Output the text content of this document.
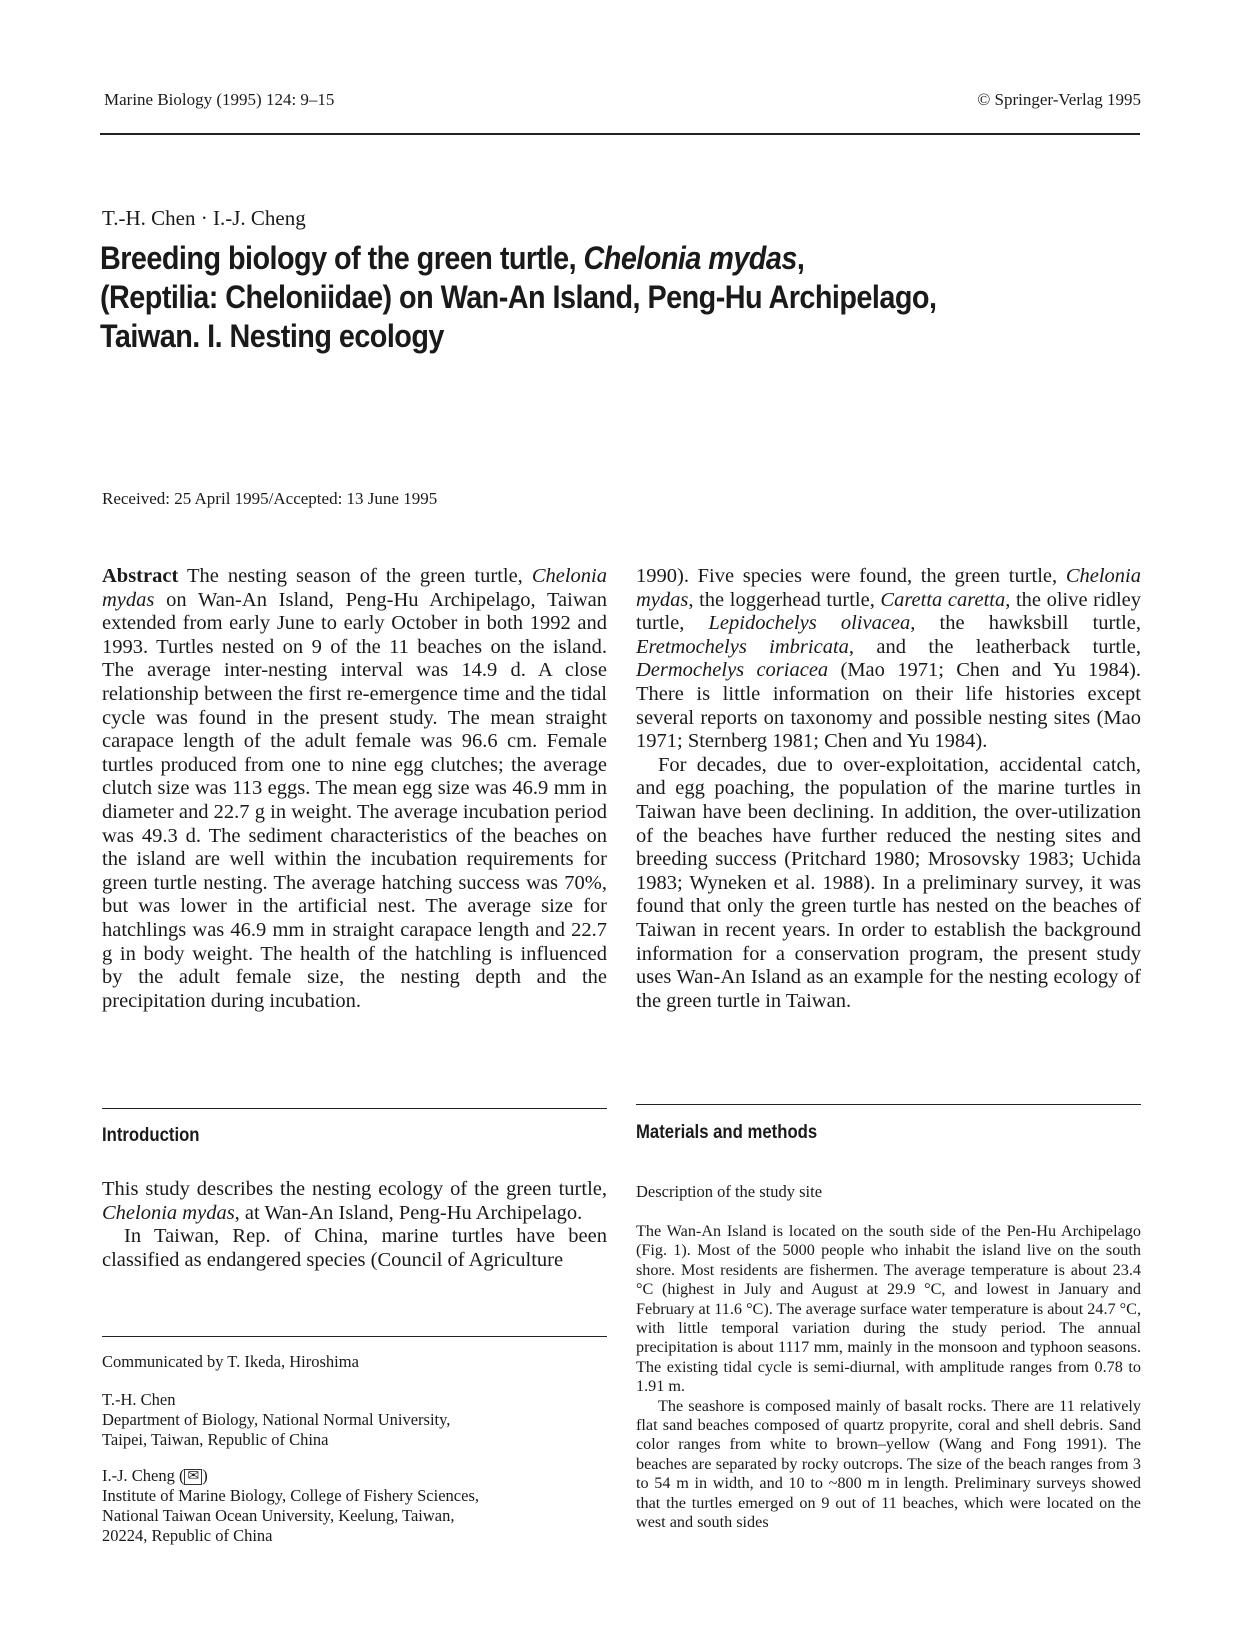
Marine Biology (1995) 124: 9–15	© Springer-Verlag 1995
T.-H. Chen · I.-J. Cheng
Breeding biology of the green turtle, Chelonia mydas,
(Reptilia: Cheloniidae) on Wan-An Island, Peng-Hu Archipelago,
Taiwan. I. Nesting ecology
Received: 25 April 1995/Accepted: 13 June 1995

Abstract The nesting season of the green turtle, Chelonia mydas on Wan-An Island, Peng-Hu Archipelago, Taiwan extended from early June to early October in both 1992 and 1993. Turtles nested on 9 of the 11 beaches on the island. The average inter-nesting interval was 14.9 d. A close relationship between the first re-emergence time and the tidal cycle was found in the present study. The mean straight carapace length of the adult female was 96.6 cm. Female turtles produced from one to nine egg clutches; the average clutch size was 113 eggs. The mean egg size was 46.9 mm in diameter and 22.7 g in weight. The average incubation period was 49.3 d. The sediment characteristics of the beaches on the island are well within the incubation requirements for green turtle nesting. The average hatching success was 70%, but was lower in the artificial nest. The average size for hatchlings was 46.9 mm in straight carapace length and 22.7 g in body weight. The health of the hatchling is influenced by the adult female size, the nesting depth and the precipitation during incubation.

1990). Five species were found, the green turtle, Chelonia mydas, the loggerhead turtle, Caretta caretta, the olive ridley turtle, Lepidochelys olivacea, the hawksbill turtle, Eretmochelys imbricata, and the leatherback turtle, Dermochelys coriacea (Mao 1971; Chen and Yu 1984). There is little information on their life histories except several reports on taxonomy and possible nesting sites (Mao 1971; Sternberg 1981; Chen and Yu 1984).

For decades, due to over-exploitation, accidental catch, and egg poaching, the population of the marine turtles in Taiwan have been declining. In addition, the over-utilization of the beaches have further reduced the nesting sites and breeding success (Pritchard 1980; Mrosovsky 1983; Uchida 1983; Wyneken et al. 1988). In a preliminary survey, it was found that only the green turtle has nested on the beaches of Taiwan in recent years. In order to establish the background information for a conservation program, the present study uses Wan-An Island as an example for the nesting ecology of the green turtle in Taiwan.

Introduction

This study describes the nesting ecology of the green turtle, Chelonia mydas, at Wan-An Island, Peng-Hu Archipelago.

In Taiwan, Rep. of China, marine turtles have been classified as endangered species (Council of Agriculture

Materials and methods
Description of the study site

The Wan-An Island is located on the south side of the Pen-Hu Archipelago (Fig. 1). Most of the 5000 people who inhabit the island live on the south shore. Most residents are fishermen. The average temperature is about 23.4 °C (highest in July and August at 29.9 °C, and lowest in January and February at 11.6 °C). The average surface water temperature is about 24.7 °C, with little temporal variation during the study period. The annual precipitation is about 1117 mm, mainly in the monsoon and typhoon seasons. The existing tidal cycle is semi-diurnal, with amplitude ranges from 0.78 to 1.91 m.

The seashore is composed mainly of basalt rocks. There are 11 relatively flat sand beaches composed of quartz propyrite, coral and shell debris. Sand color ranges from white to brown–yellow (Wang and Fong 1991). The beaches are separated by rocky outcrops. The size of the beach ranges from 3 to 54 m in width, and 10 to ~800 m in length. Preliminary surveys showed that the turtles emerged on 9 out of 11 beaches, which were located on the west and south sides

Communicated by T. Ikeda, Hiroshima

T.-H. Chen

Department of Biology, National Normal University,

Taipei, Taiwan, Republic of China

I.-J. Cheng ( ✉ )

Institute of Marine Biology, College of Fishery Sciences,

National Taiwan Ocean University, Keelung, Taiwan,

20224, Republic of China
